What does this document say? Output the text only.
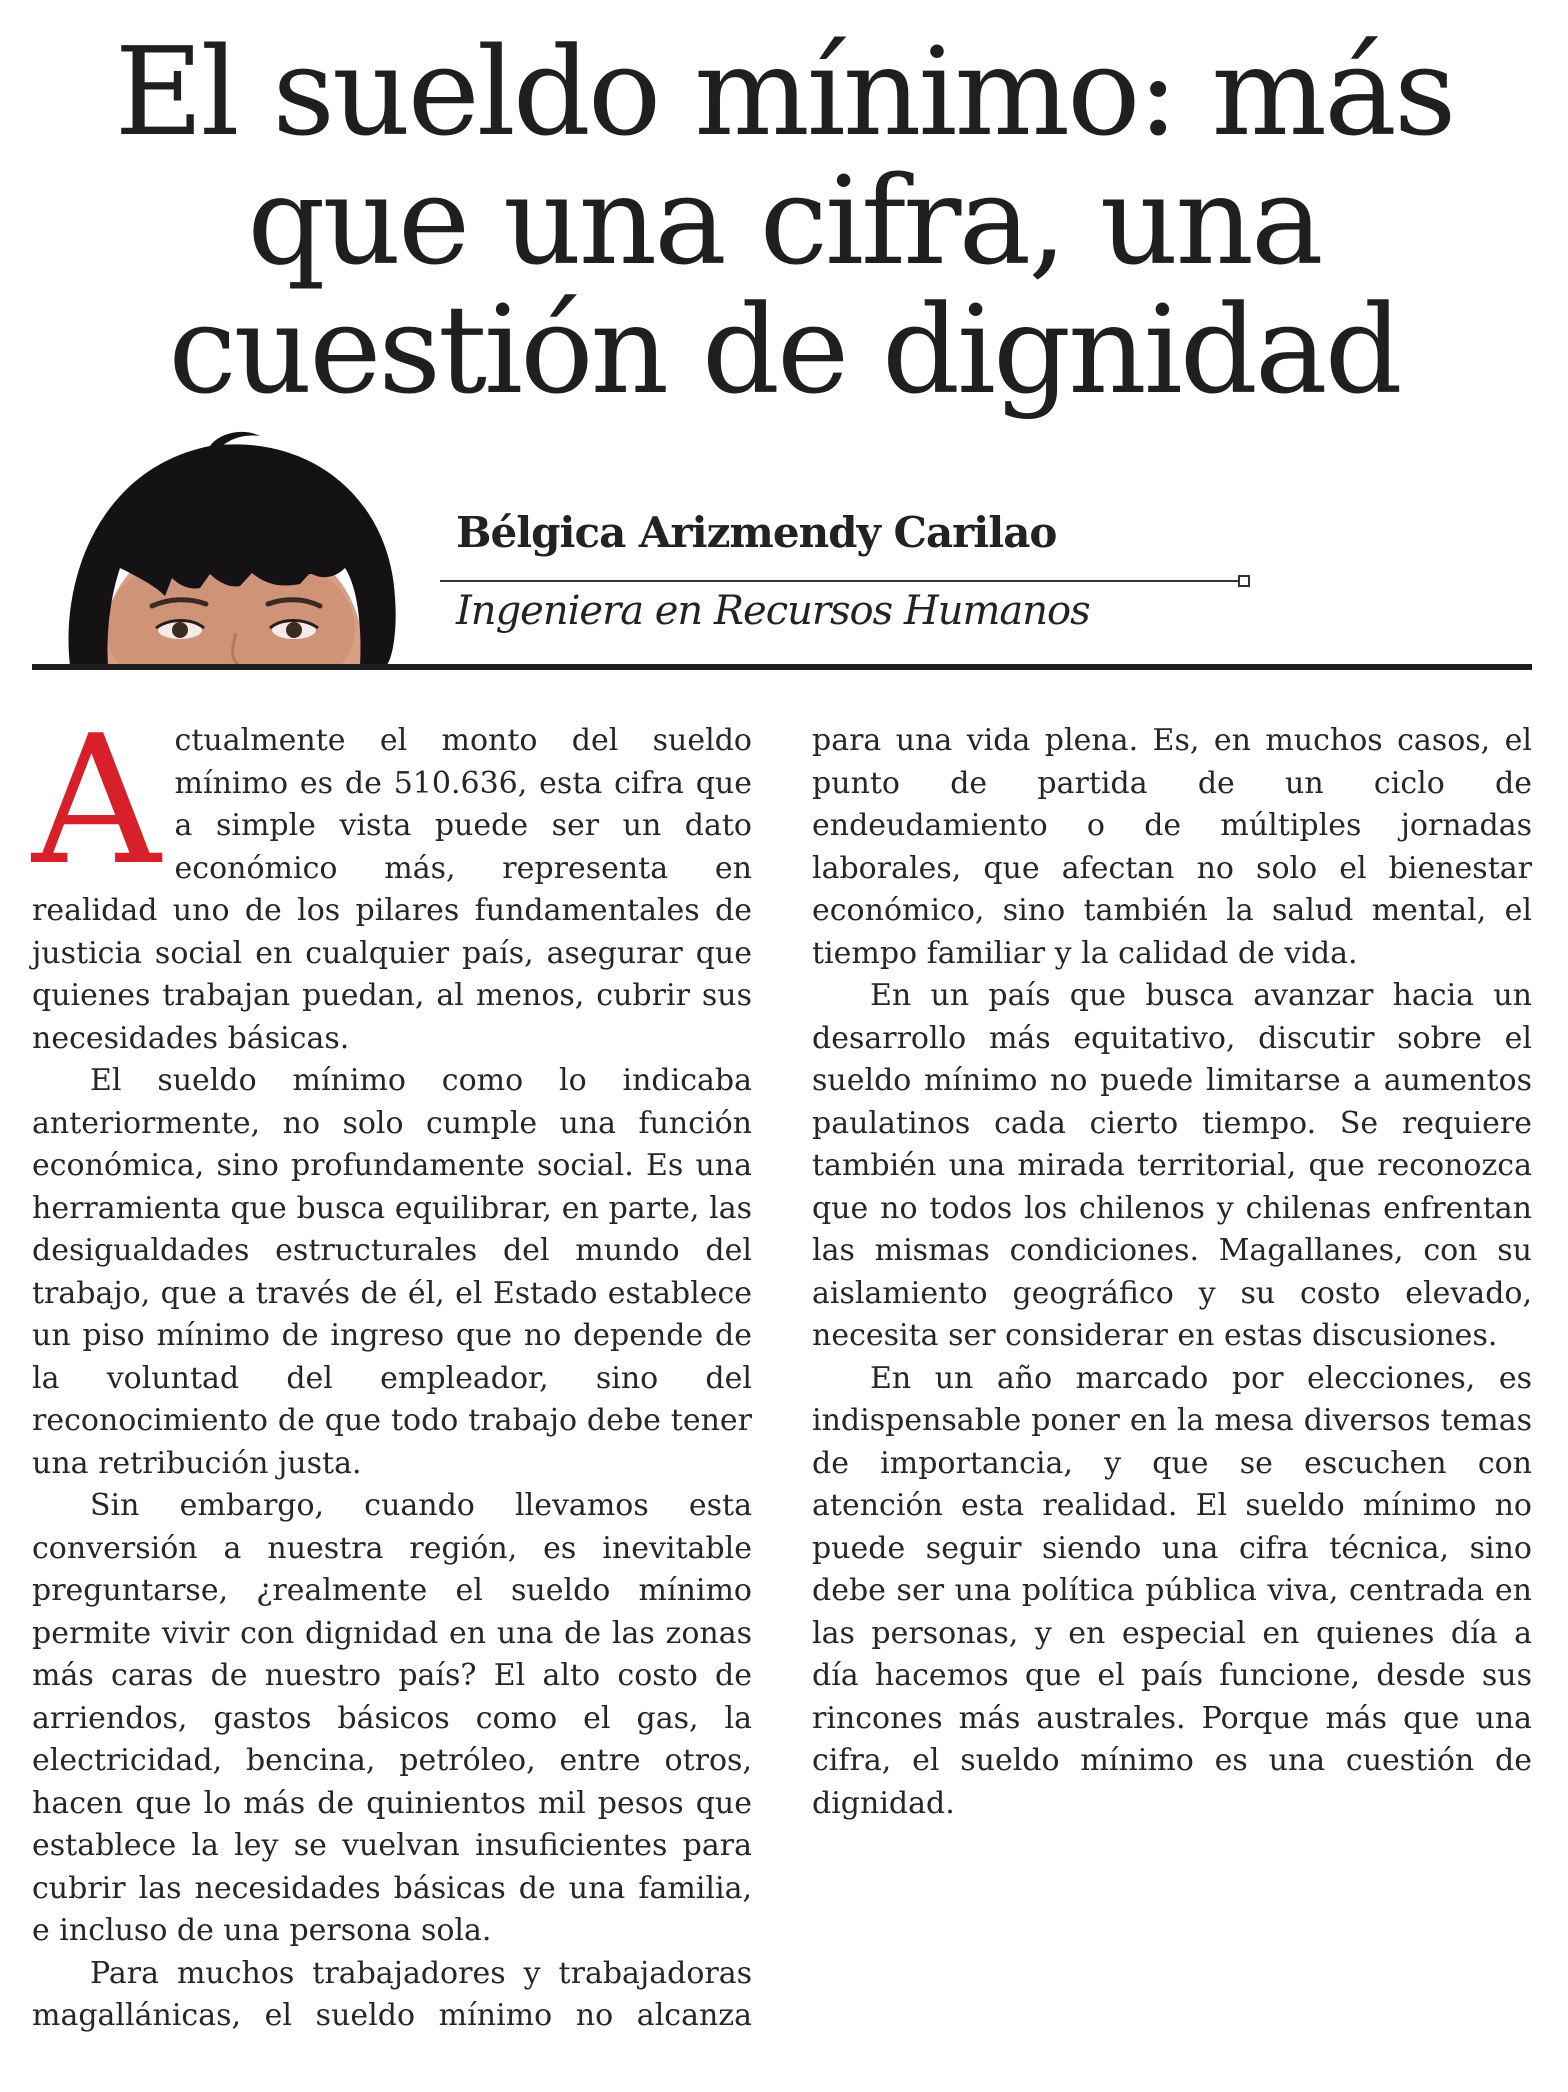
El sueldo mínimo: más que una cifra, una cuestión de dignidad

Bélgica Arizmendy Carilao

Ingeniera en Recursos Humanos

Actualmente el monto del sueldo mínimo es de 510.636, esta cifra que a simple vista puede ser un dato económico más, representa en realidad uno de los pilares fundamentales de justicia social en cualquier país, asegurar que quienes trabajan puedan, al menos, cubrir sus necesidades básicas.

El sueldo mínimo como lo indicaba anteriormente, no solo cumple una función económica, sino profundamente social. Es una herramienta que busca equilibrar, en parte, las desigualdades estructurales del mundo del trabajo, que a través de él, el Estado establece un piso mínimo de ingreso que no depende de la voluntad del empleador, sino del reconocimiento de que todo trabajo debe tener una retribución justa.

Sin embargo, cuando llevamos esta conversión a nuestra región, es inevitable preguntarse, ¿realmente el sueldo mínimo permite vivir con dignidad en una de las zonas más caras de nuestro país? El alto costo de arriendos, gastos básicos como el gas, la electricidad, bencina, petróleo, entre otros, hacen que lo más de quinientos mil pesos que establece la ley se vuelvan insuficientes para cubrir las necesidades básicas de una familia, e incluso de una persona sola.

Para muchos trabajadores y trabajadoras magallánicas, el sueldo mínimo no alcanza para una vida plena. Es, en muchos casos, el punto de partida de un ciclo de endeudamiento o de múltiples jornadas laborales, que afectan no solo el bienestar económico, sino también la salud mental, el tiempo familiar y la calidad de vida.

En un país que busca avanzar hacia un desarrollo más equitativo, discutir sobre el sueldo mínimo no puede limitarse a aumentos paulatinos cada cierto tiempo. Se requiere también una mirada territorial, que reconozca que no todos los chilenos y chilenas enfrentan las mismas condiciones. Magallanes, con su aislamiento geográfico y su costo elevado, necesita ser considerar en estas discusiones.

En un año marcado por elecciones, es indispensable poner en la mesa diversos temas de importancia, y que se escuchen con atención esta realidad. El sueldo mínimo no puede seguir siendo una cifra técnica, sino debe ser una política pública viva, centrada en las personas, y en especial en quienes día a día hacemos que el país funcione, desde sus rincones más australes. Porque más que una cifra, el sueldo mínimo es una cuestión de dignidad.
